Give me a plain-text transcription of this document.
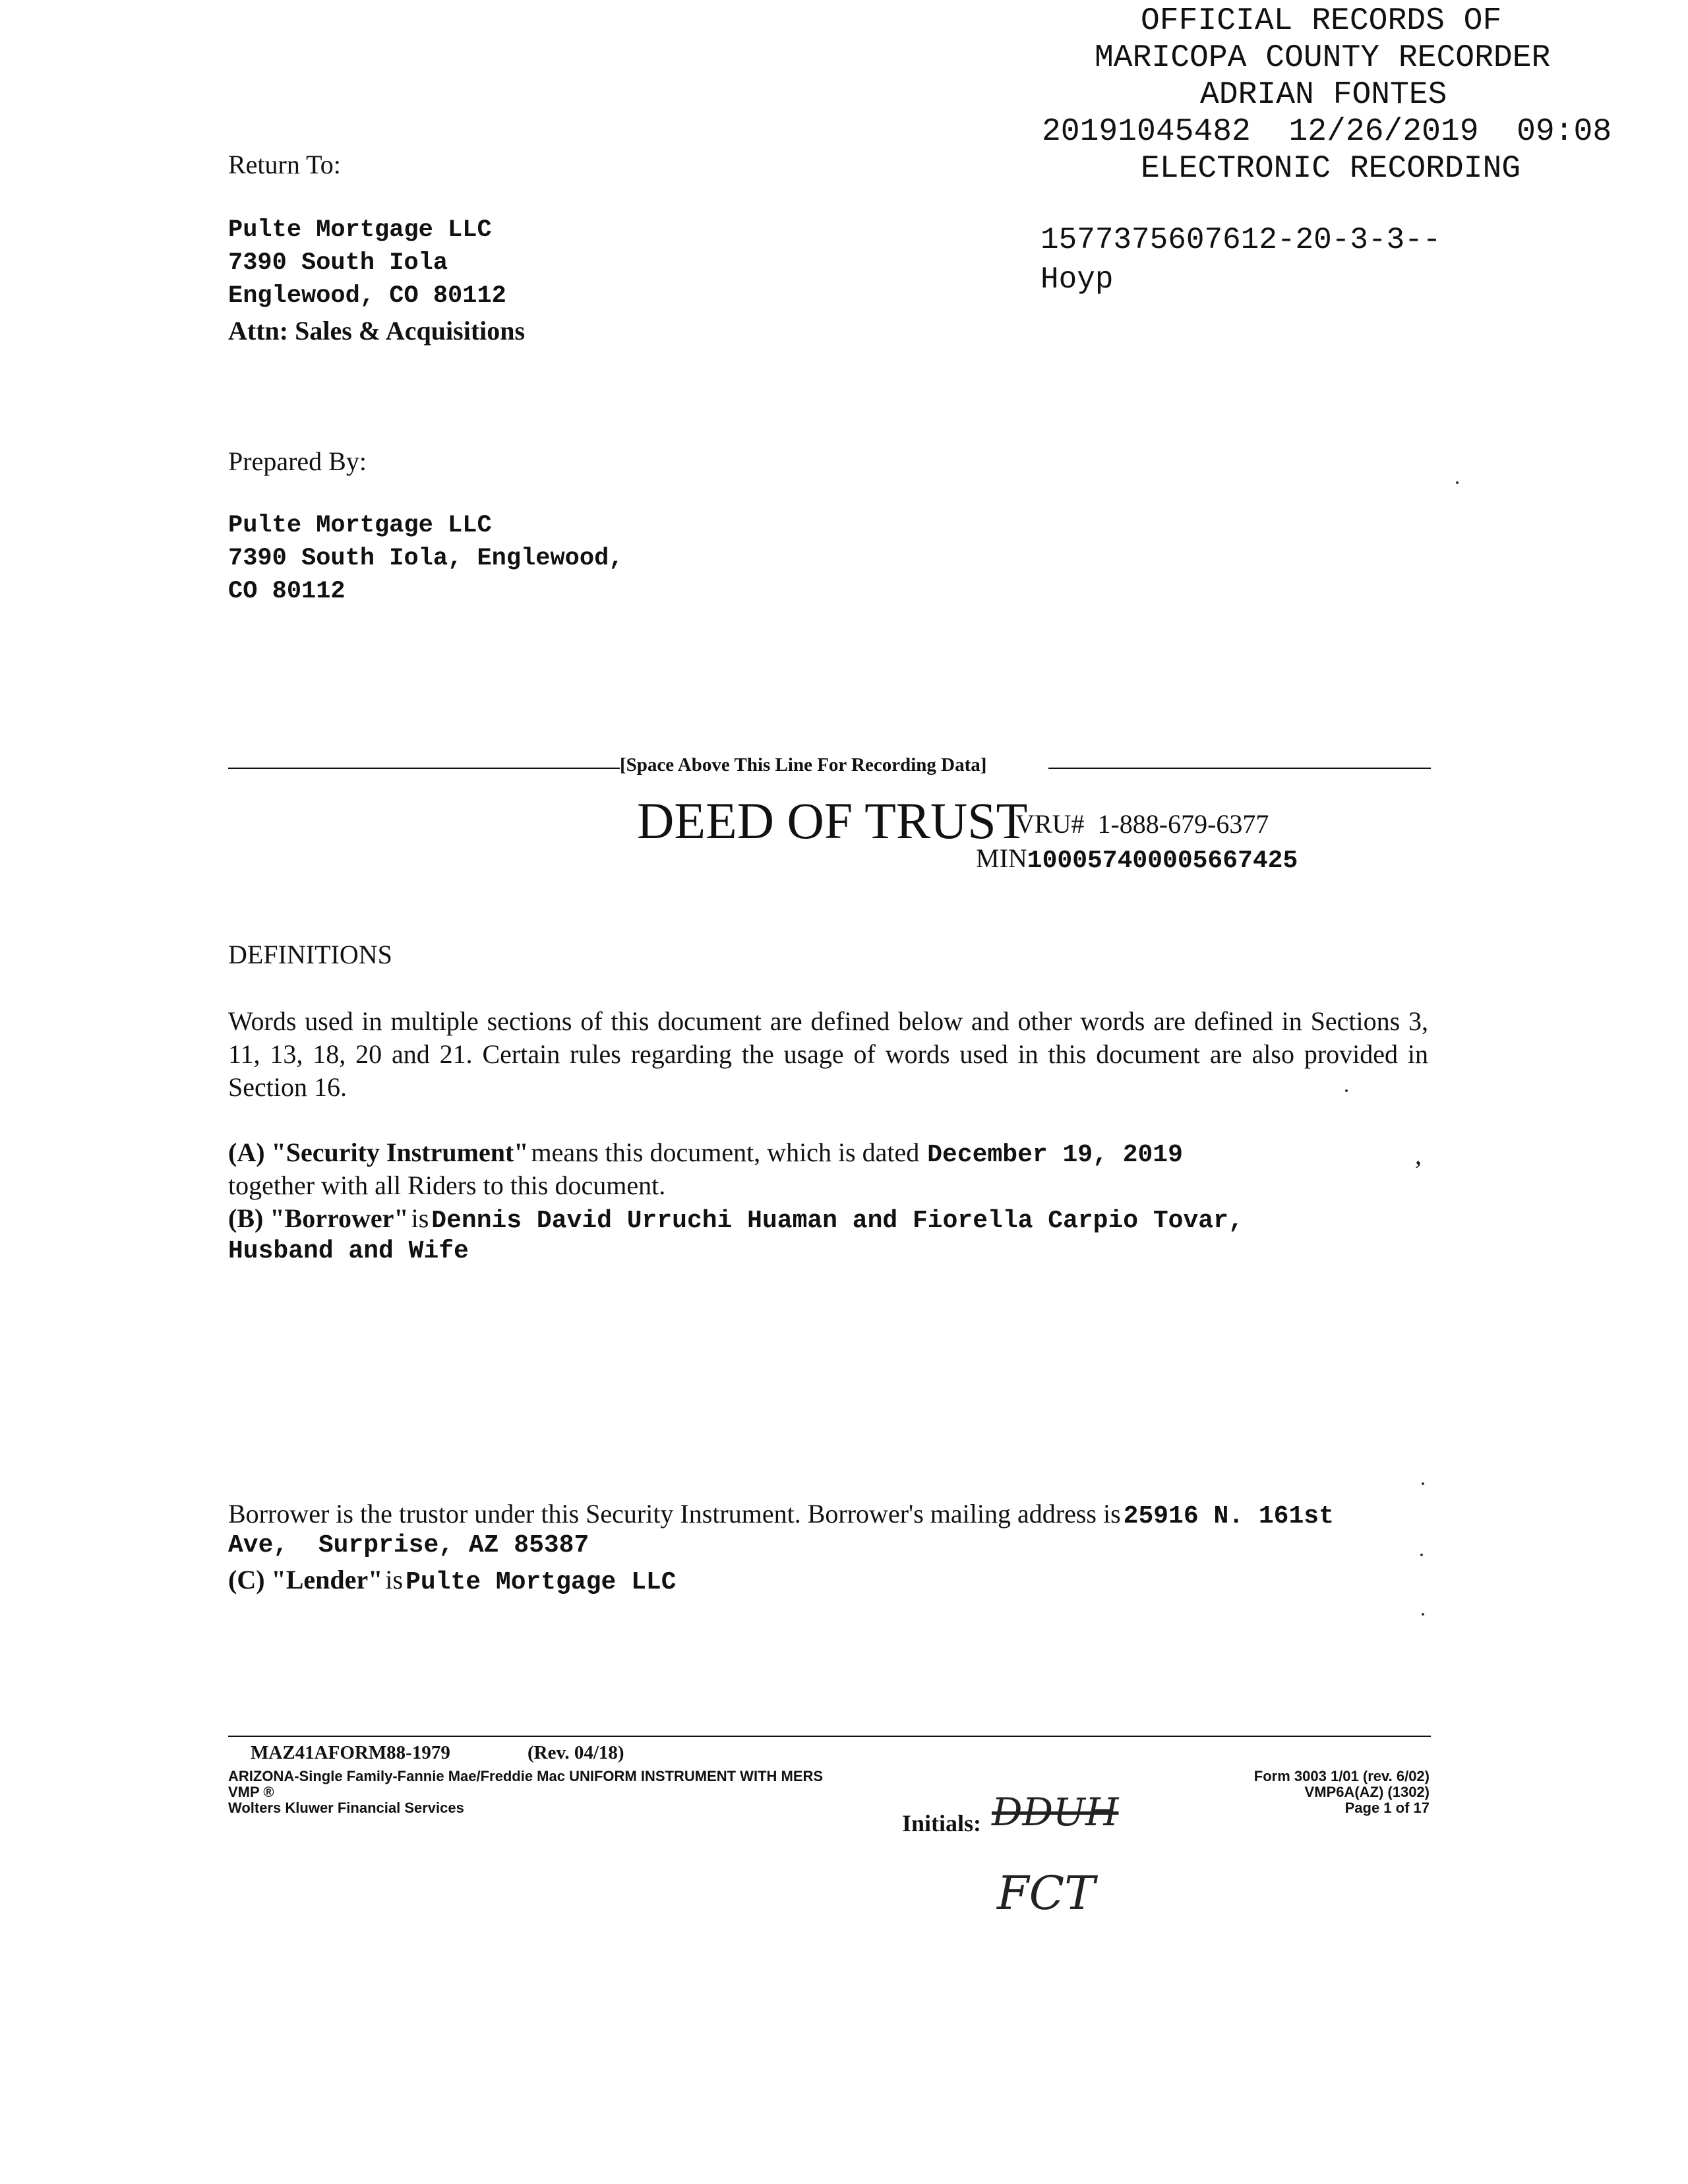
OFFICIAL RECORDS OF
MARICOPA COUNTY RECORDER
ADRIAN FONTES
20191045482 12/26/2019 09:08
ELECTRONIC RECORDING
1577375607612-20-3-3--
Hoyp
Return To:
Pulte Mortgage LLC
7390 South Iola
Englewood, CO 80112
Attn: Sales & Acquisitions
Prepared By:
Pulte Mortgage LLC
7390 South Iola, Englewood,
CO 80112
[Space Above This Line For Recording Data]
DEED OF TRUST
VRU# 1-888-679-6377
MIN100057400005667425
DEFINITIONS
Words used in multiple sections of this document are defined below and other words are defined in Sections 3, 11, 13, 18, 20 and 21. Certain rules regarding the usage of words used in this document are also provided in Section 16.
(A) "Security Instrument" means this document, which is dated December 19, 2019	,
together with all Riders to this document.
(B) "Borrower" is Dennis David Urruchi Huaman and Fiorella Carpio Tovar,
Husband and Wife
Borrower is the trustor under this Security Instrument. Borrower's mailing address is 25916 N. 161st
Ave,  Surprise, AZ 85387
(C) "Lender" is Pulte Mortgage LLC
MAZ41AFORM88-1979	(Rev. 04/18)
ARIZONA-Single Family-Fannie Mae/Freddie Mac UNIFORM INSTRUMENT WITH MERS
VMP ®
Wolters Kluwer Financial Services
Form 3003 1/01 (rev. 6/02)
VMP6A(AZ) (1302)
Page 1 of 17
Initials: DDUH
FCT
